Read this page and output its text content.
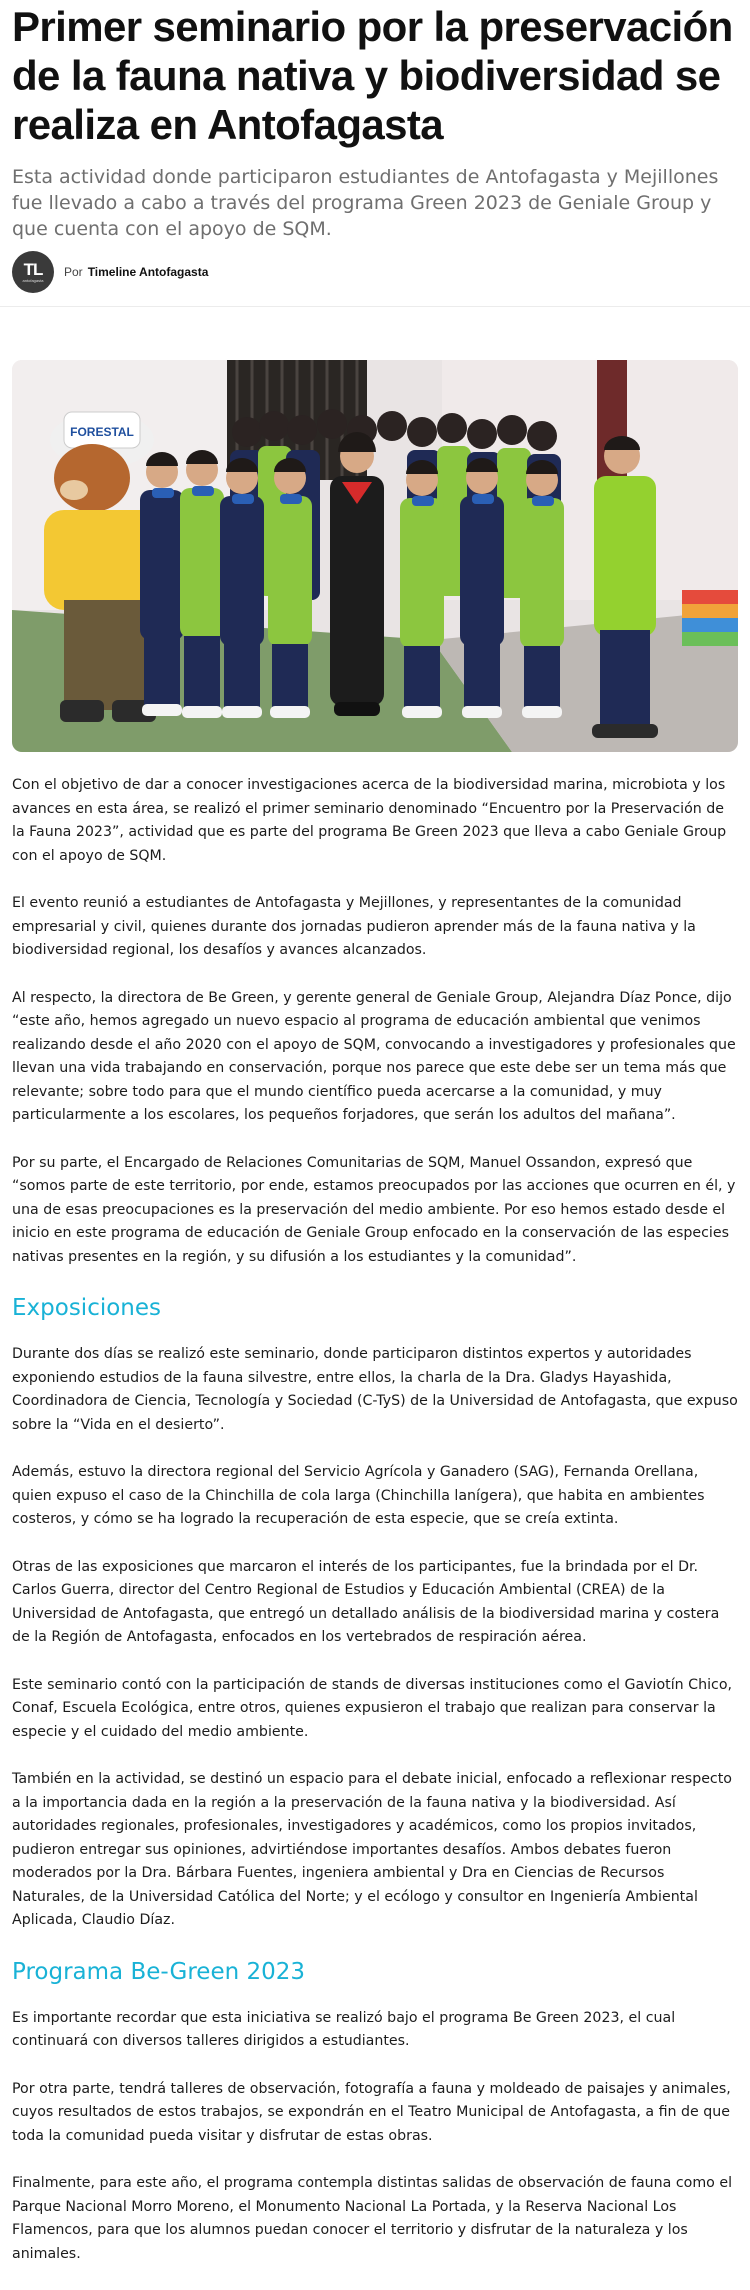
Primer seminario por la preservación de la fauna nativa y biodiversidad se realiza en Antofagasta

Esta actividad donde participaron estudiantes de Antofagasta y Mejillones fue llevado a cabo a través del programa Green 2023 de Geniale Group y que cuenta con el apoyo de SQM.

TL
antofagasta
Por Timeline Antofagasta
FORESTAL

Con el objetivo de dar a conocer investigaciones acerca de la biodiversidad marina, microbiota y los avances en esta área, se realizó el primer seminario denominado “Encuentro por la Preservación de la Fauna 2023”, actividad que es parte del programa Be Green 2023 que lleva a cabo Geniale Group con el apoyo de SQM.

El evento reunió a estudiantes de Antofagasta y Mejillones, y representantes de la comunidad empresarial y civil, quienes durante dos jornadas pudieron aprender más de la fauna nativa y la biodiversidad regional, los desafíos y avances alcanzados.

Al respecto, la directora de Be Green, y gerente general de Geniale Group, Alejandra Díaz Ponce, dijo “este año, hemos agregado un nuevo espacio al programa de educación ambiental que venimos realizando desde el año 2020 con el apoyo de SQM, convocando a investigadores y profesionales que llevan una vida trabajando en conservación, porque nos parece que este debe ser un tema más que relevante; sobre todo para que el mundo científico pueda acercarse a la comunidad, y muy particularmente a los escolares, los pequeños forjadores, que serán los adultos del mañana”.

Por su parte, el Encargado de Relaciones Comunitarias de SQM, Manuel Ossandon, expresó que “somos parte de este territorio, por ende, estamos preocupados por las acciones que ocurren en él, y una de esas preocupaciones es la preservación del medio ambiente. Por eso hemos estado desde el inicio en este programa de educación de Geniale Group enfocado en la conservación de las especies nativas presentes en la región, y su difusión a los estudiantes y la comunidad”.

Exposiciones

Durante dos días se realizó este seminario, donde participaron distintos expertos y autoridades exponiendo estudios de la fauna silvestre, entre ellos, la charla de la Dra. Gladys Hayashida, Coordinadora de Ciencia, Tecnología y Sociedad (C-TyS) de la Universidad de Antofagasta, que expuso sobre la “Vida en el desierto”.

Además, estuvo la directora regional del Servicio Agrícola y Ganadero (SAG), Fernanda Orellana, quien expuso el caso de la Chinchilla de cola larga (Chinchilla lanígera), que habita en ambientes costeros, y cómo se ha logrado la recuperación de esta especie, que se creía extinta.

Otras de las exposiciones que marcaron el interés de los participantes, fue la brindada por el Dr. Carlos Guerra, director del Centro Regional de Estudios y Educación Ambiental (CREA) de la Universidad de Antofagasta, que entregó un detallado análisis de la biodiversidad marina y costera de la Región de Antofagasta, enfocados en los vertebrados de respiración aérea.

Este seminario contó con la participación de stands de diversas instituciones como el Gaviotín Chico, Conaf, Escuela Ecológica, entre otros, quienes expusieron el trabajo que realizan para conservar la especie y el cuidado del medio ambiente.

También en la actividad, se destinó un espacio para el debate inicial, enfocado a reflexionar respecto a la importancia dada en la región a la preservación de la fauna nativa y la biodiversidad. Así autoridades regionales, profesionales, investigadores y académicos, como los propios invitados, pudieron entregar sus opiniones, advirtiéndose importantes desafíos. Ambos debates fueron moderados por la Dra. Bárbara Fuentes, ingeniera ambiental y Dra en Ciencias de Recursos Naturales, de la Universidad Católica del Norte; y el ecólogo y consultor en Ingeniería Ambiental Aplicada, Claudio Díaz.

Programa Be-Green 2023

Es importante recordar que esta iniciativa se realizó bajo el programa Be Green 2023, el cual continuará con diversos talleres dirigidos a estudiantes.

Por otra parte, tendrá talleres de observación, fotografía a fauna y moldeado de paisajes y animales, cuyos resultados de estos trabajos, se expondrán en el Teatro Municipal de Antofagasta, a fin de que toda la comunidad pueda visitar y disfrutar de estas obras.

Finalmente, para este año, el programa contempla distintas salidas de observación de fauna como el Parque Nacional Morro Moreno, el Monumento Nacional La Portada, y la Reserva Nacional Los Flamencos, para que los alumnos puedan conocer el territorio y disfrutar de la naturaleza y los animales.
